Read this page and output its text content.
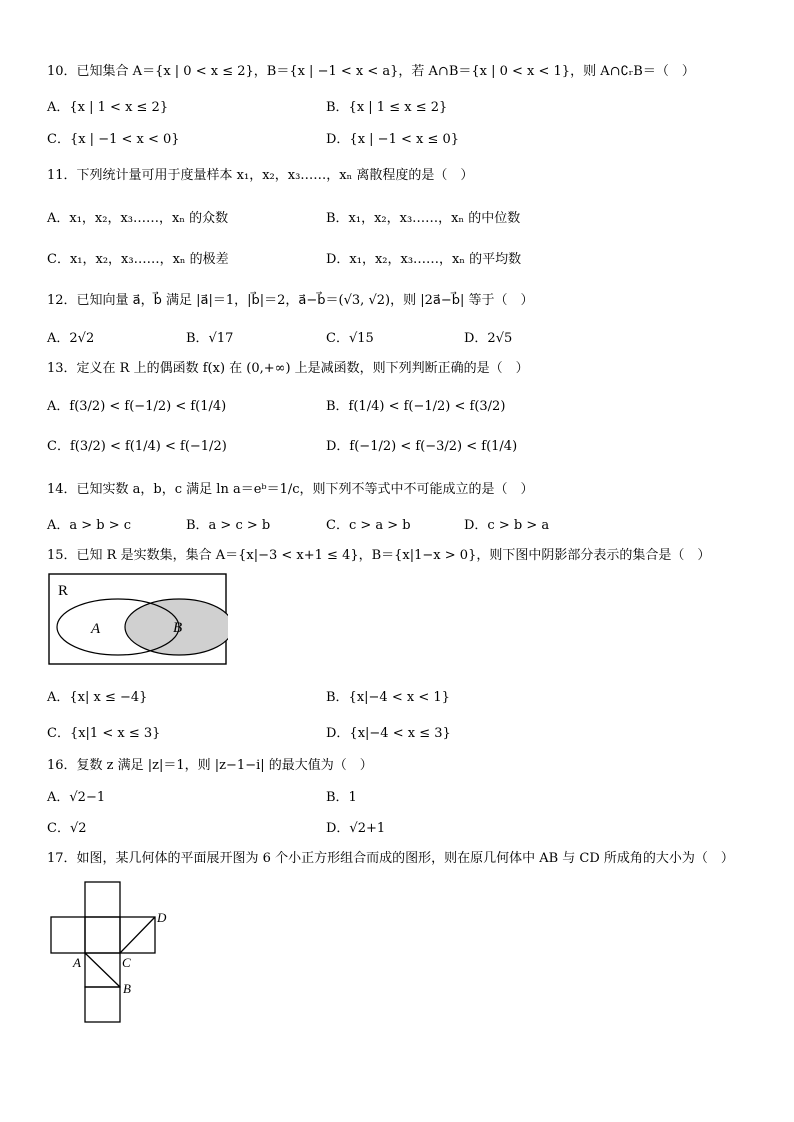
10．已知集合 A＝{x | 0 < x ≤ 2}，B＝{x | −1 < x < a}，若 A∩B＝{x | 0 < x < 1}，则 A∩∁ᵣB＝（　）
A．{x | 1 < x ≤ 2}	B．{x | 1 ≤ x ≤ 2}
C．{x | −1 < x < 0}	D．{x | −1 < x ≤ 0}
11．下列统计量可用于度量样本 x₁，x₂，x₃……，xₙ 离散程度的是（　）
A．x₁，x₂，x₃……，xₙ 的众数	B．x₁，x₂，x₃……，xₙ 的中位数
C．x₁，x₂，x₃……，xₙ 的极差	D．x₁，x₂，x₃……，xₙ 的平均数
12．已知向量 a⃗，b⃗ 满足 |a⃗|＝1，|b⃗|＝2，a⃗−b⃗＝(√3, √2)，则 |2a⃗−b⃗| 等于（　）
A．2√2	B．√17	C．√15	D．2√5
13．定义在 R 上的偶函数 f(x) 在 (0,+∞) 上是减函数，则下列判断正确的是（　）
A．f(3/2) < f(−1/2) < f(1/4)	B．f(1/4) < f(−1/2) < f(3/2)
C．f(3/2) < f(1/4) < f(−1/2)	D．f(−1/2) < f(−3/2) < f(1/4)
14．已知实数 a，b，c 满足 ln a＝eᵇ＝1/c，则下列不等式中不可能成立的是（　）
A．a > b > c	B．a > c > b	C．c > a > b	D．c > b > a
15．已知 R 是实数集，集合 A＝{x|−3 < x+1 ≤ 4}，B＝{x|1−x > 0}，则下图中阴影部分表示的集合是（　）
R
A	B
A．{x| x ≤ −4}	B．{x|−4 < x < 1}
C．{x|1 < x ≤ 3}	D．{x|−4 < x ≤ 3}
16．复数 z 满足 |z|＝1，则 |z−1−i| 的最大值为（　）
A．√2−1	B．1
C．√2	D．√2+1
17．如图，某几何体的平面展开图为 6 个小正方形组合而成的图形，则在原几何体中 AB 与 CD 所成角的大小为（　）
D
A	C
B
